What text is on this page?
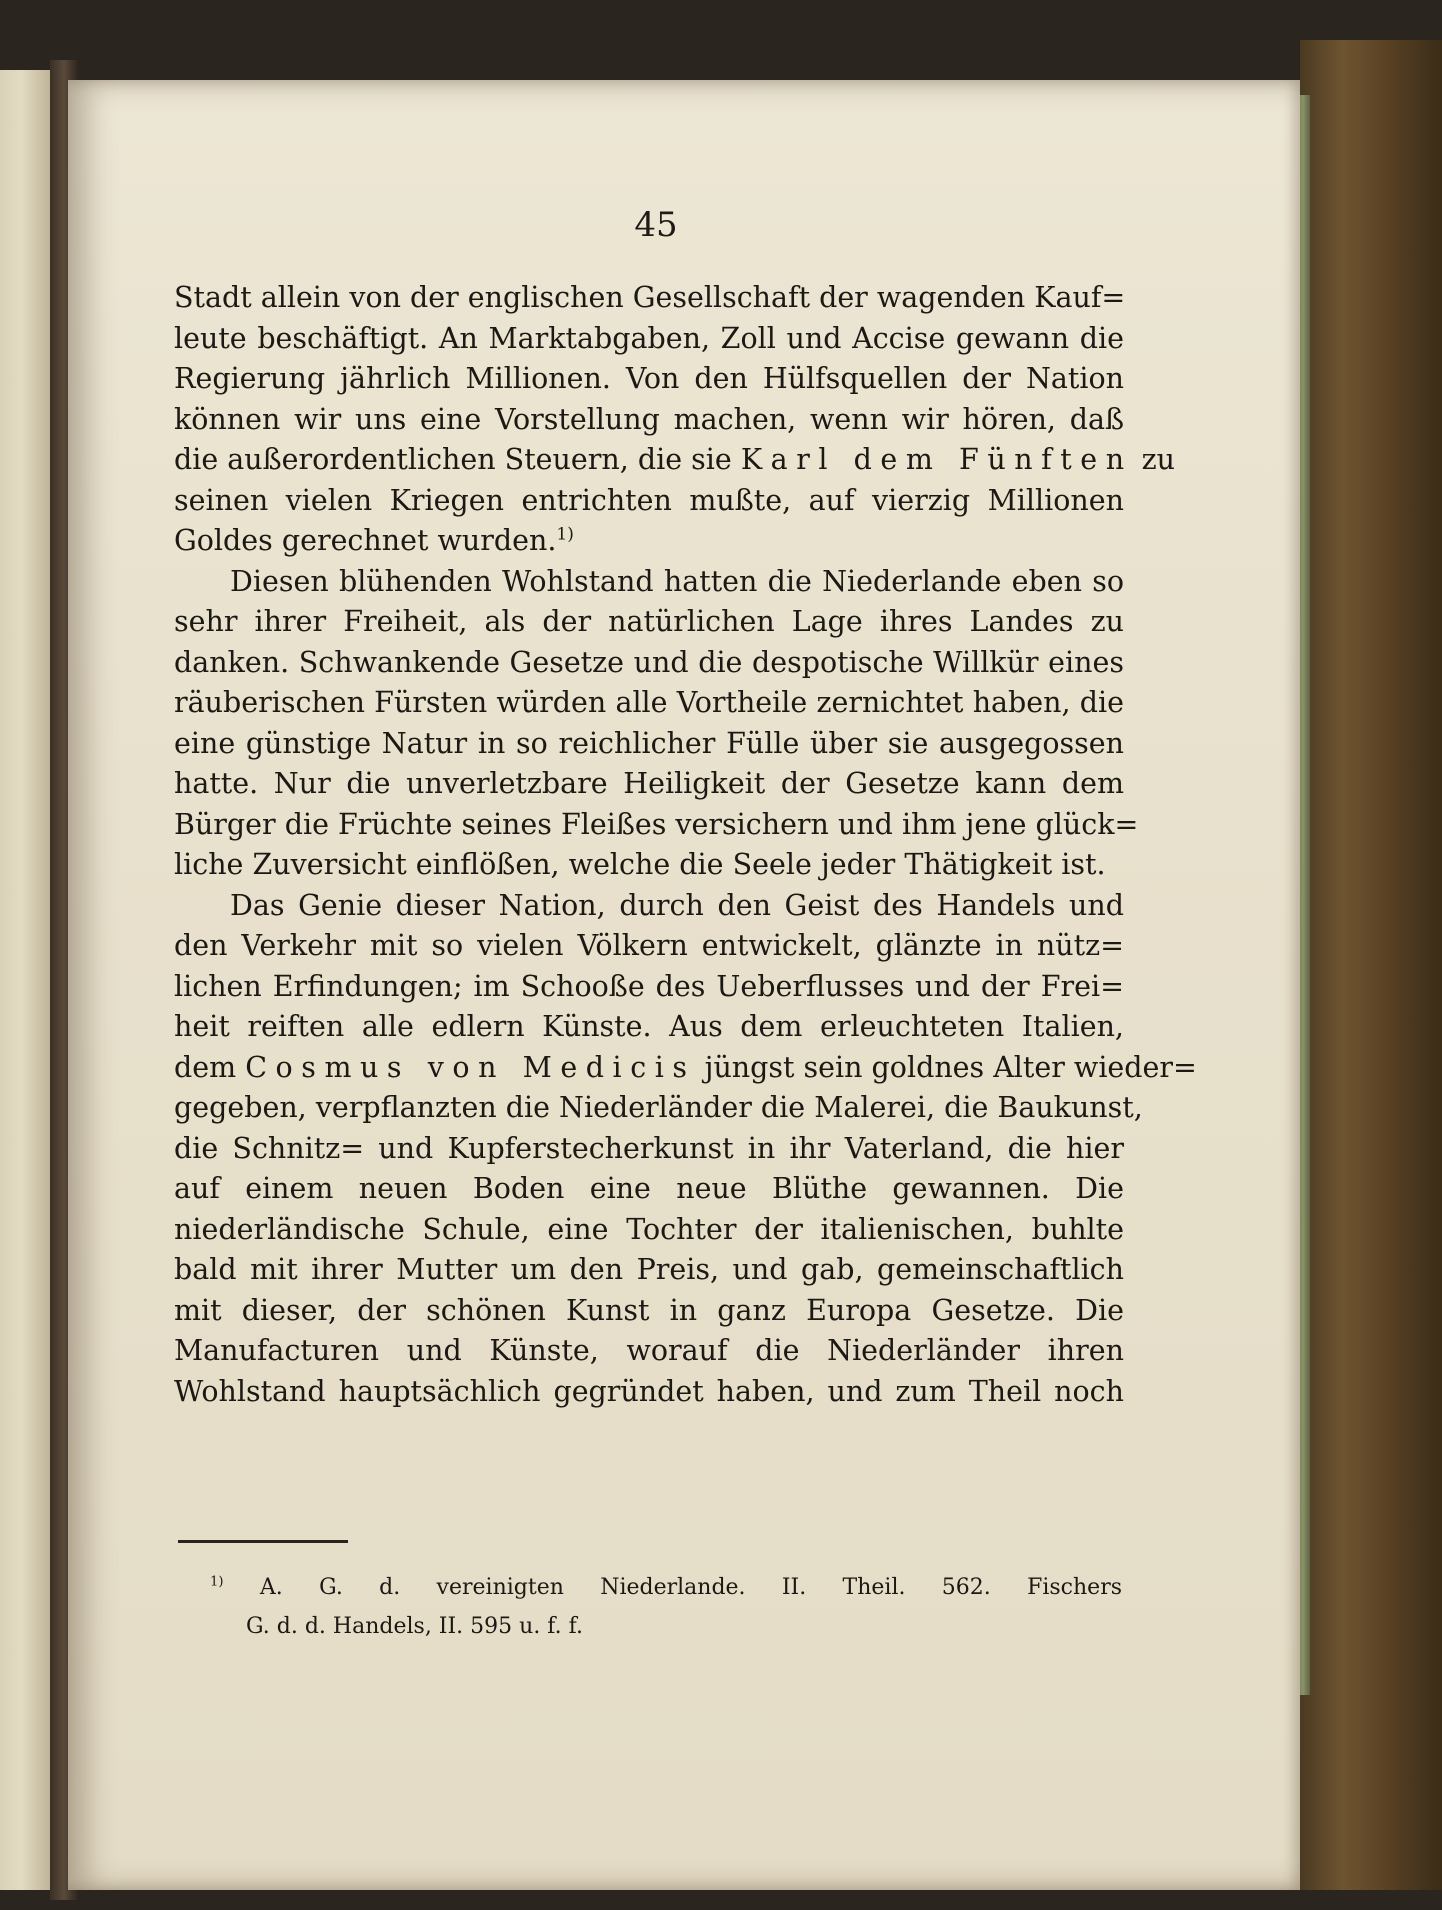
45
Stadt allein von der englischen Gesellschaft der wagenden Kauf=
leute beschäftigt. An Marktabgaben, Zoll und Accise gewann die
Regierung jährlich Millionen. Von den Hülfsquellen der Nation
können wir uns eine Vorstellung machen, wenn wir hören, daß
die außerordentlichen Steuern, die sie Karl dem Fünften zu
seinen vielen Kriegen entrichten mußte, auf vierzig Millionen
Goldes gerechnet wurden.$^{1)}$
Diesen blühenden Wohlstand hatten die Niederlande eben so
sehr ihrer Freiheit, als der natürlichen Lage ihres Landes zu
danken. Schwankende Gesetze und die despotische Willkür eines
räuberischen Fürsten würden alle Vortheile zernichtet haben, die
eine günstige Natur in so reichlicher Fülle über sie ausgegossen
hatte. Nur die unverletzbare Heiligkeit der Gesetze kann dem
Bürger die Früchte seines Fleißes versichern und ihm jene glück=
liche Zuversicht einflößen, welche die Seele jeder Thätigkeit ist.
Das Genie dieser Nation, durch den Geist des Handels und
den Verkehr mit so vielen Völkern entwickelt, glänzte in nütz=
lichen Erfindungen; im Schooße des Ueberflusses und der Frei=
heit reiften alle edlern Künste. Aus dem erleuchteten Italien,
dem Cosmus von Medicis jüngst sein goldnes Alter wieder=
gegeben, verpflanzten die Niederländer die Malerei, die Baukunst,
die Schnitz= und Kupferstecherkunst in ihr Vaterland, die hier
auf einem neuen Boden eine neue Blüthe gewannen. Die
niederländische Schule, eine Tochter der italienischen, buhlte
bald mit ihrer Mutter um den Preis, und gab, gemeinschaftlich
mit dieser, der schönen Kunst in ganz Europa Gesetze. Die
Manufacturen und Künste, worauf die Niederländer ihren
Wohlstand hauptsächlich gegründet haben, und zum Theil noch
$^{1)}$ A. G. d. vereinigten Niederlande. II. Theil. 562. Fischers
G. d. d. Handels, II. 595 u. f. f.
